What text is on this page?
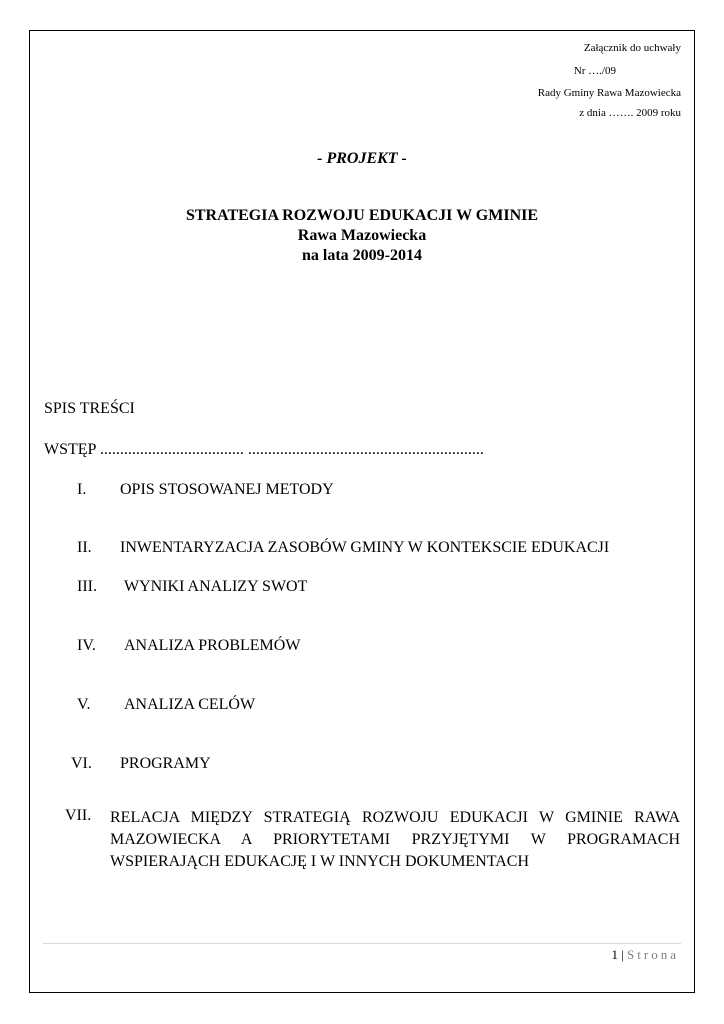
Załącznik do uchwały
Nr …./09
Rady Gminy Rawa Mazowiecka
z dnia ……. 2009 roku
- PROJEKT -
STRATEGIA ROZWOJU EDUKACJI W GMINIE
Rawa Mazowiecka
na lata 2009-2014
SPIS TREŚCI
WSTĘP .................................... ...........................................................
I. OPIS STOSOWANEJ METODY
II. INWENTARYZACJA ZASOBÓW GMINY W KONTEKSCIE EDUKACJI
III. WYNIKI ANALIZY SWOT
IV. ANALIZA PROBLEMÓW
V. ANALIZA CELÓW
VI. PROGRAMY
VII. RELACJA MIĘDZY STRATEGIĄ ROZWOJU EDUKACJI W GMINIE RAWA MAZOWIECKA A PRIORYTETAMI PRZYJĘTYMI W PROGRAMACH WSPIERAJĄCH EDUKACJĘ I W INNYCH DOKUMENTACH
1 | Strona
